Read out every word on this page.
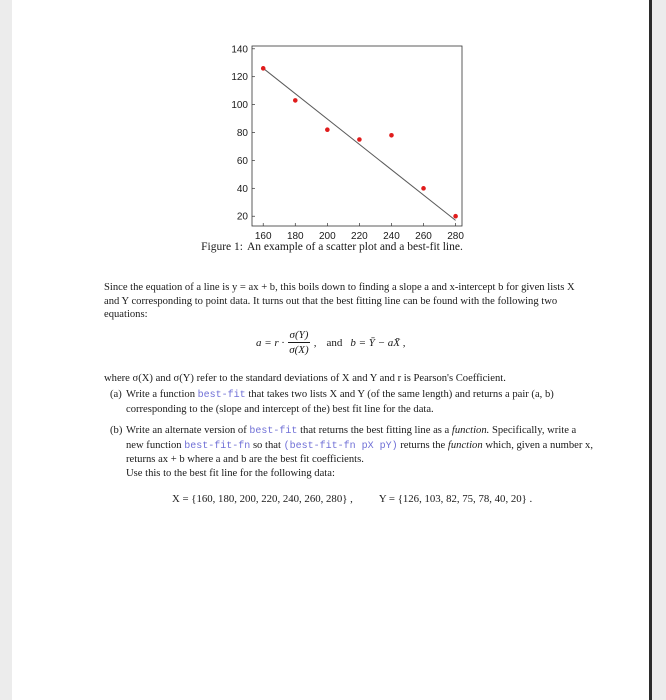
160 180 200 220 240 260 280
20
40
60
80
100
120
140
Figure 1: An example of a scatter plot and a best-fit line.
Since the equation of a line is y = ax + b, this boils down to finding a slope a and x-intercept b for given lists X and Y corresponding to point data. It turns out that the best fitting line can be found with the following two equations:
$a = r \cdot \frac{\sigma(Y)}{\sigma(X)}$ , and b = Ȳ − aX̄ ,
where σ(X) and σ(Y) refer to the standard deviations of X and Y and r is Pearson's Coefficient.
(a) Write a function best-fit that takes two lists X and Y (of the same length) and returns a pair (a, b) corresponding to the (slope and intercept of the) best fit line for the data.
(b) Write an alternate version of best-fit that returns the best fitting line as a function. Specifically, write a new function best-fit-fn so that (best-fit-fn pX pY) returns the function which, given a number x, returns ax + b where a and b are the best fit coefficients.
Use this to the best fit line for the following data:
X = {160, 180, 200, 220, 240, 260, 280} , Y = {126, 103, 82, 75, 78, 40, 20} .
